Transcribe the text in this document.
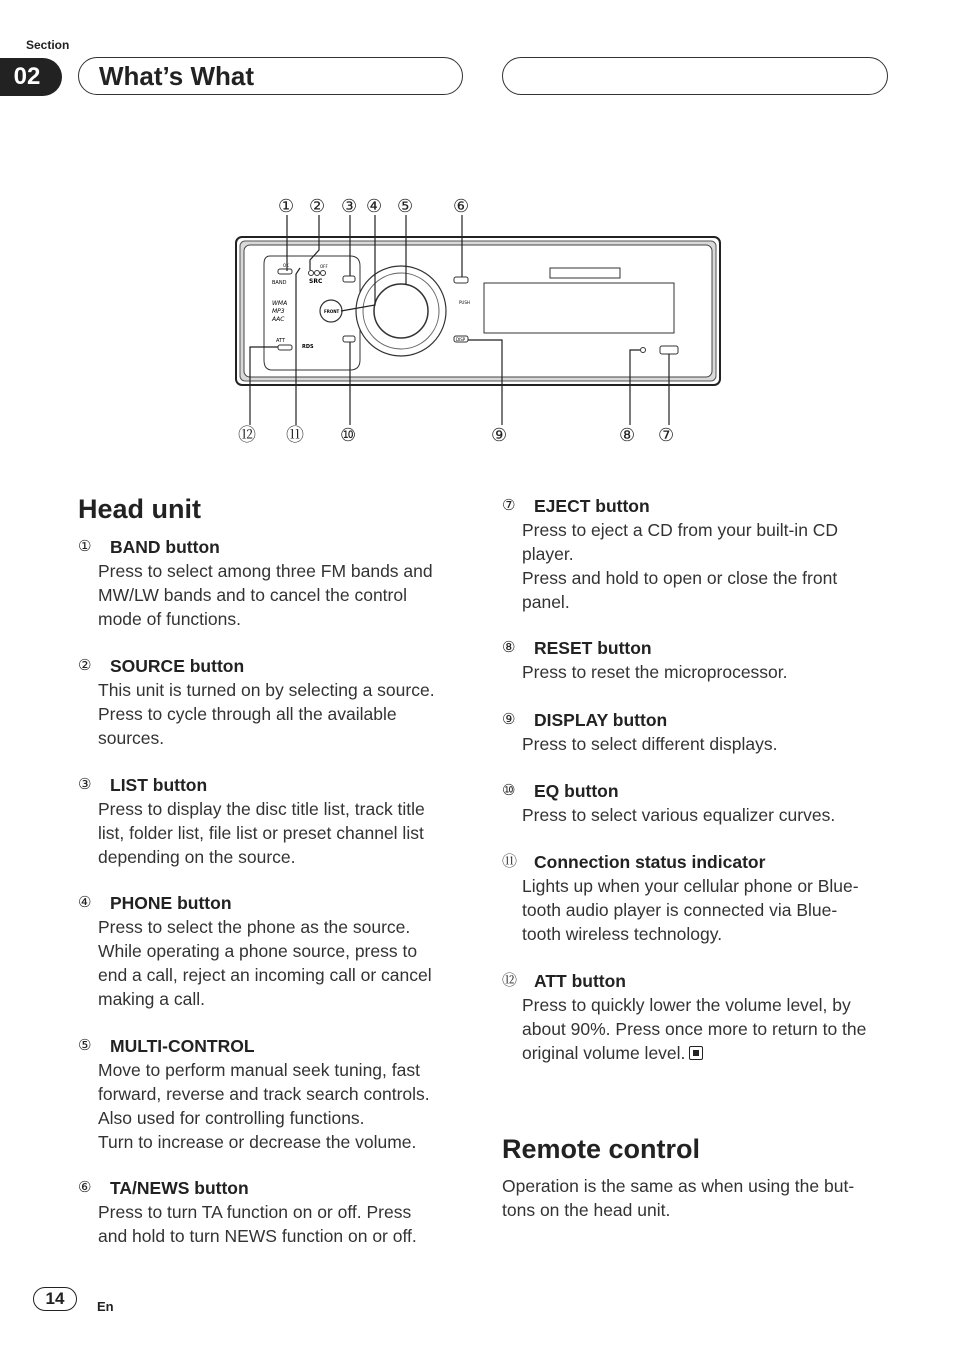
Section
02	What’s What
① ② ③ ④ ⑤ ⑥
BAND
OK	OFF
SRC
WMA
MP3
AAC
ATT
RDS
FRONT
PUSH
DISP
⑫ ⑪ ⑩	⑨	⑧ ⑦
Head unit
①	BAND button
Press to select among three FM bands and
MW/LW bands and to cancel the control
mode of functions.
②	SOURCE button
This unit is turned on by selecting a source.
Press to cycle through all the available
sources.
③	LIST button
Press to display the disc title list, track title
list, folder list, file list or preset channel list
depending on the source.
④	PHONE button
Press to select the phone as the source.
While operating a phone source, press to
end a call, reject an incoming call or cancel
making a call.
⑤	MULTI-CONTROL
Move to perform manual seek tuning, fast
forward, reverse and track search controls.
Also used for controlling functions.
Turn to increase or decrease the volume.
⑥	TA/NEWS button
Press to turn TA function on or off. Press
and hold to turn NEWS function on or off.
⑦	EJECT button
Press to eject a CD from your built-in CD
player.
Press and hold to open or close the front
panel.
⑧	RESET button
Press to reset the microprocessor.
⑨	DISPLAY button
Press to select different displays.
⑩	EQ button
Press to select various equalizer curves.
⑪ Connection status indicator
Lights up when your cellular phone or Blue-
tooth audio player is connected via Blue-
tooth wireless technology.
⑫ ATT button
Press to quickly lower the volume level, by
about 90%. Press once more to return to the
original volume level.
Remote control
Operation is the same as when using the but-
tons on the head unit.
14	En
